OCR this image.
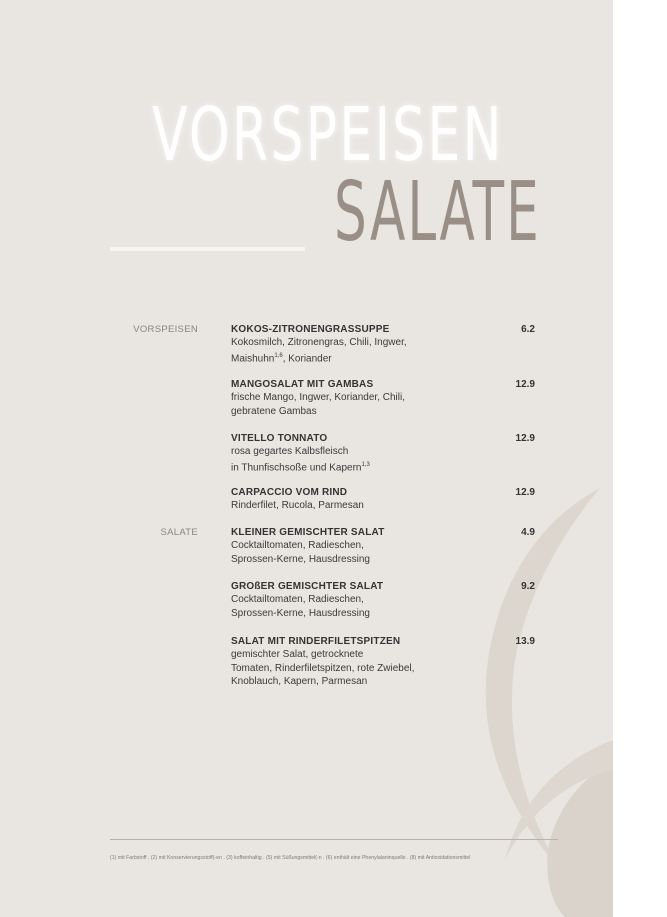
VORSPEISEN
SALATE
VORSPEISEN	KOKOS-ZITRONENGRASSUPPE	6.2
Kokosmilch, Zitronengras, Chili, Ingwer,
Maishuhn$^{1,6}$, Koriander
MANGOSALAT MIT GAMBAS	12.9
frische Mango, Ingwer, Koriander, Chili,
gebratene Gambas
VITELLO TONNATO	12.9
rosa gegartes Kalbsfleisch
in Thunfischsoße und Kapern$^{1,3}$
CARPACCIO VOM RIND	12.9
Rinderfilet, Rucola, Parmesan
SALATE	KLEINER GEMISCHTER SALAT	4.9
Cocktailtomaten, Radieschen,
Sprossen-Kerne, Hausdressing
GROßER GEMISCHTER SALAT	9.2
Cocktailtomaten, Radieschen,
Sprossen-Kerne, Hausdressing
SALAT MIT RINDERFILETSPITZEN	13.9
gemischter Salat, getrocknete
Tomaten, Rinderfiletspitzen, rote Zwiebel,
Knoblauch, Kapern, Parmesan
(1) mit Farbstoff . (2) mit Konservierungsstoff(-en . (3) koffeinhaltig . (5) mit Süßungsmittel(-n . (6) enthält eine Phenylalaninquelle . (8) mit Antioxidationsmittel
